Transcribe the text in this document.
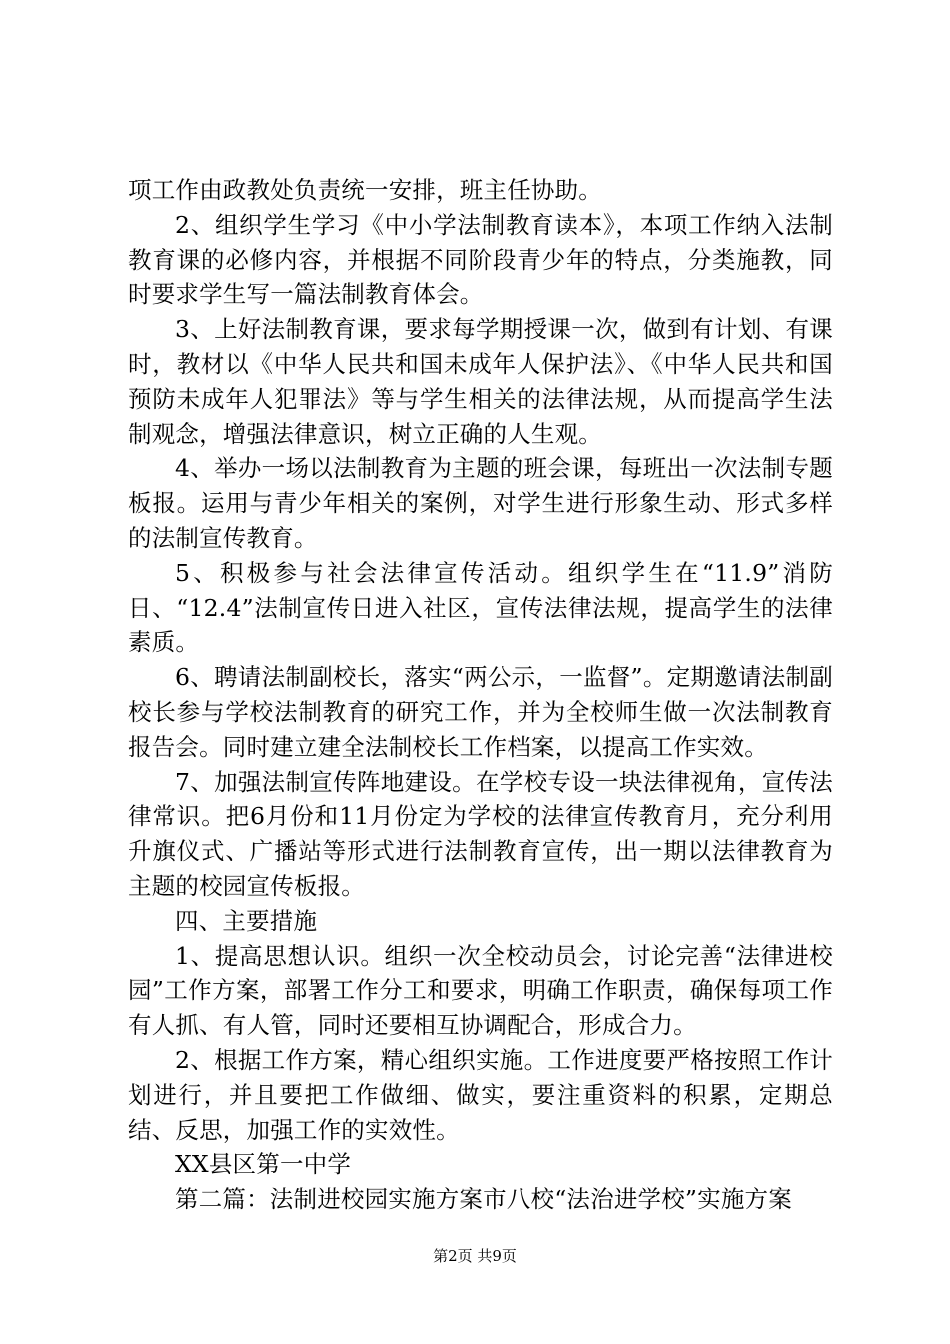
项工作由政教处负责统一安排，班主任协助。

2、组织学生学习《中小学法制教育读本》，本项工作纳入法制教育课的必修内容，并根据不同阶段青少年的特点，分类施教，同时要求学生写一篇法制教育体会。

3、上好法制教育课，要求每学期授课一次，做到有计划、有课时，教材以《中华人民共和国未成年人保护法》、《中华人民共和国预防未成年人犯罪法》等与学生相关的法律法规，从而提高学生法制观念，增强法律意识，树立正确的人生观。

4、举办一场以法制教育为主题的班会课，每班出一次法制专题板报。运用与青少年相关的案例，对学生进行形象生动、形式多样的法制宣传教育。

5、积极参与社会法律宣传活动。组织学生在“11.9”消防日、“12.4”法制宣传日进入社区，宣传法律法规，提高学生的法律素质。

6、聘请法制副校长，落实“两公示，一监督”。定期邀请法制副校长参与学校法制教育的研究工作，并为全校师生做一次法制教育报告会。同时建立建全法制校长工作档案，以提高工作实效。

7、加强法制宣传阵地建设。在学校专设一块法律视角，宣传法律常识。把6月份和11月份定为学校的法律宣传教育月，充分利用升旗仪式、广播站等形式进行法制教育宣传，出一期以法律教育为主题的校园宣传板报。

四、主要措施

1、提高思想认识。组织一次全校动员会，讨论完善“法律进校园”工作方案，部署工作分工和要求，明确工作职责，确保每项工作有人抓、有人管，同时还要相互协调配合，形成合力。

2、根据工作方案，精心组织实施。工作进度要严格按照工作计划进行，并且要把工作做细、做实，要注重资料的积累，定期总结、反思，加强工作的实效性。

XX县区第一中学

第二篇：法制进校园实施方案市八校“法治进学校”实施方案

第2页 共9页
